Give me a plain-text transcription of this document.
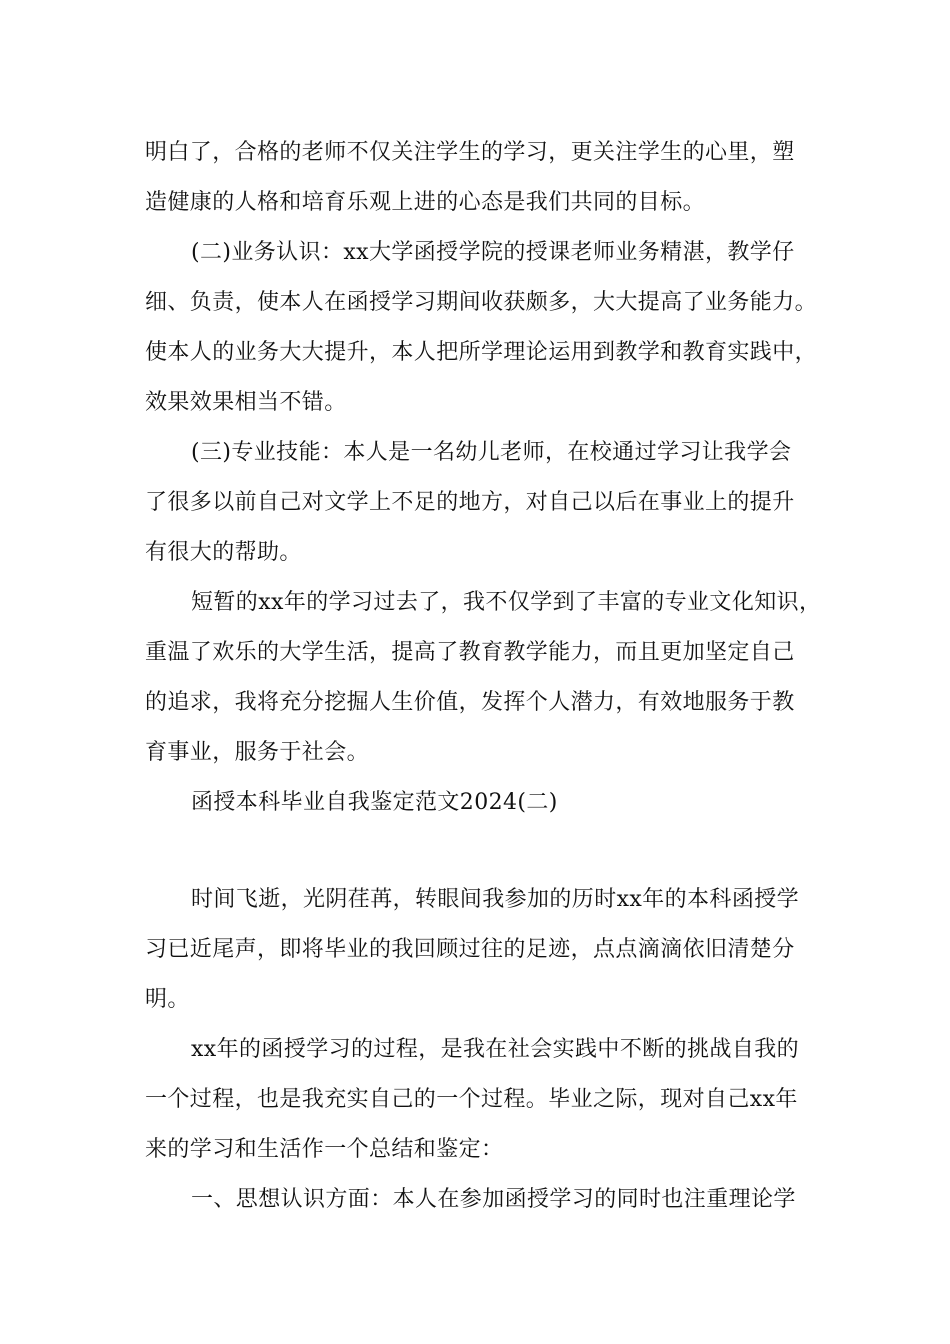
明白了，合格的老师不仅关注学生的学习，更关注学生的心里，塑
造健康的人格和培育乐观上进的心态是我们共同的目标。
(二)业务认识：xx大学函授学院的授课老师业务精湛，教学仔
细、负责，使本人在函授学习期间收获颇多，大大提高了业务能力。
使本人的业务大大提升，本人把所学理论运用到教学和教育实践中，
效果效果相当不错。
(三)专业技能：本人是一名幼儿老师，在校通过学习让我学会
了很多以前自己对文学上不足的地方，对自己以后在事业上的提升
有很大的帮助。
短暂的xx年的学习过去了，我不仅学到了丰富的专业文化知识，
重温了欢乐的大学生活，提高了教育教学能力，而且更加坚定自己
的追求，我将充分挖掘人生价值，发挥个人潜力，有效地服务于教
育事业，服务于社会。
函授本科毕业自我鉴定范文2024(二)
时间飞逝，光阴荏苒，转眼间我参加的历时xx年的本科函授学
习已近尾声，即将毕业的我回顾过往的足迹，点点滴滴依旧清楚分
明。
xx年的函授学习的过程，是我在社会实践中不断的挑战自我的
一个过程，也是我充实自己的一个过程。毕业之际，现对自己xx年
来的学习和生活作一个总结和鉴定：
一、思想认识方面：本人在参加函授学习的同时也注重理论学
